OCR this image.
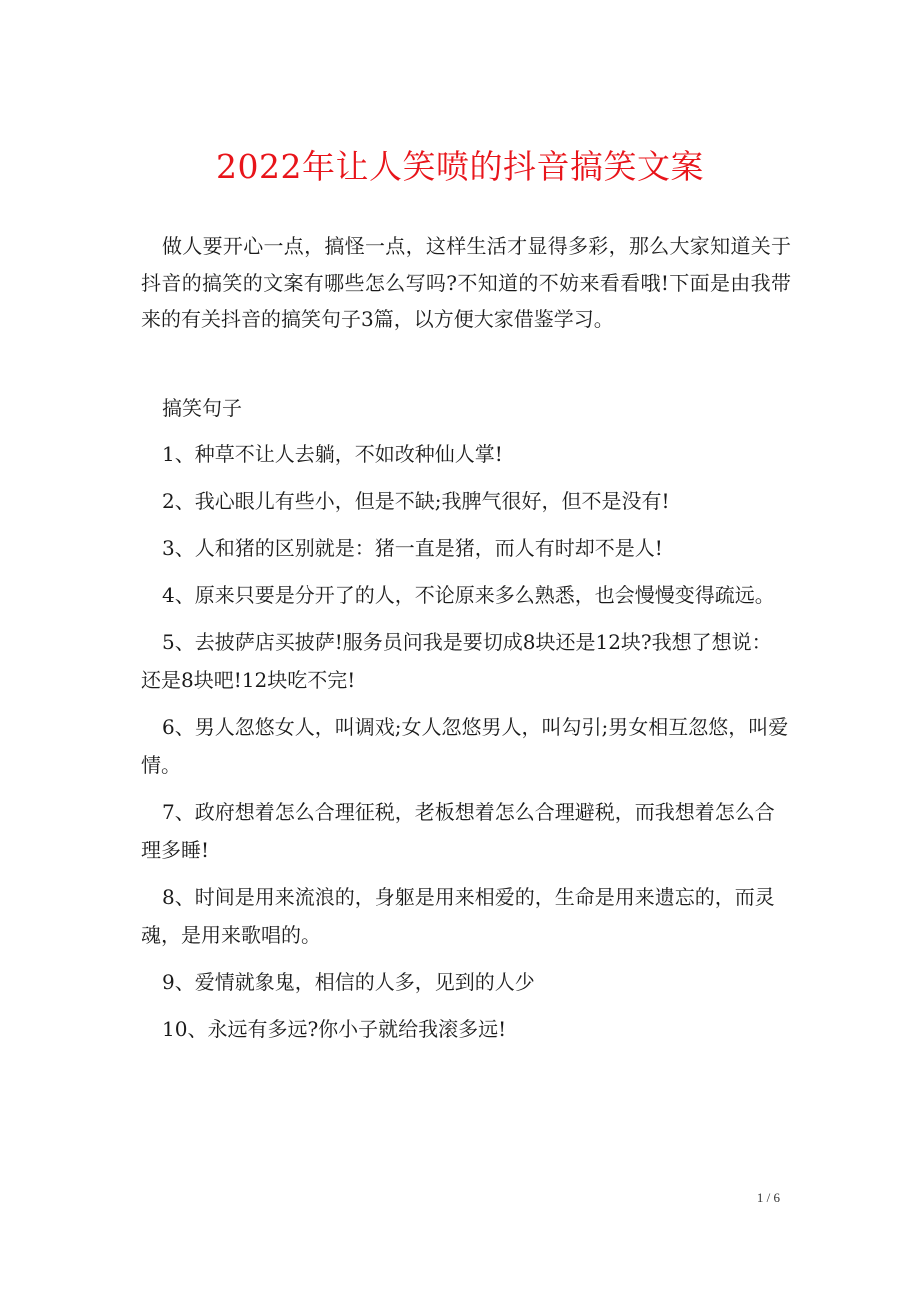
2022年让人笑喷的抖音搞笑文案

做人要开心一点，搞怪一点，这样生活才显得多彩，那么大家知道关于抖音的搞笑的文案有哪些怎么写吗?不知道的不妨来看看哦!下面是由我带来的有关抖音的搞笑句子3篇，以方便大家借鉴学习。

搞笑句子

1、种草不让人去躺，不如改种仙人掌!

2、我心眼儿有些小，但是不缺;我脾气很好，但不是没有!

3、人和猪的区别就是：猪一直是猪，而人有时却不是人!

4、原来只要是分开了的人，不论原来多么熟悉，也会慢慢变得疏远。

5、去披萨店买披萨!服务员问我是要切成8块还是12块?我想了想说：还是8块吧!12块吃不完!

6、男人忽悠女人，叫调戏;女人忽悠男人，叫勾引;男女相互忽悠，叫爱情。

7、政府想着怎么合理征税，老板想着怎么合理避税，而我想着怎么合理多睡!

8、时间是用来流浪的，身躯是用来相爱的，生命是用来遗忘的，而灵魂，是用来歌唱的。

9、爱情就象鬼，相信的人多，见到的人少

10、永远有多远?你小子就给我滚多远!

1 / 6
